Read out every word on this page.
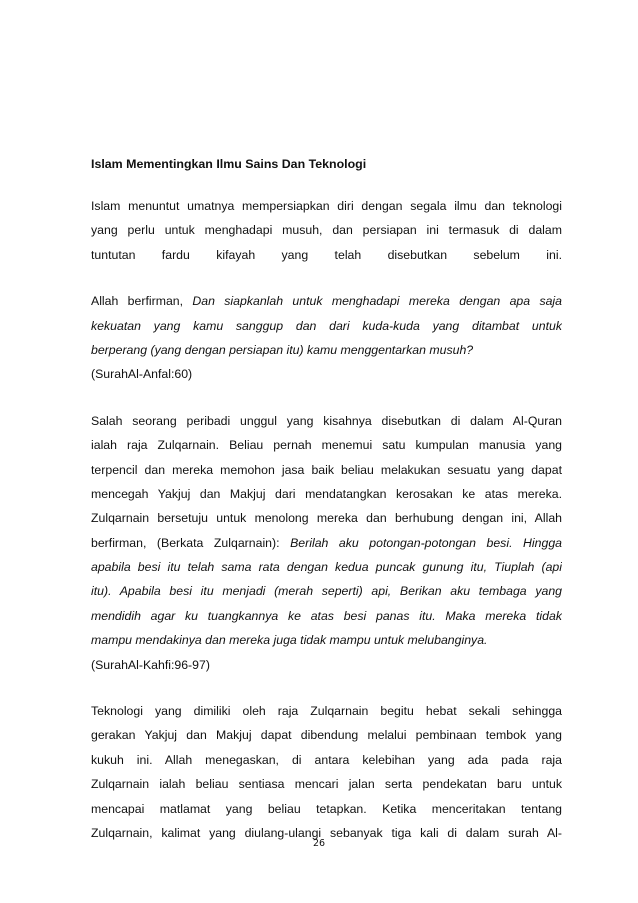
Islam Mementingkan Ilmu Sains Dan Teknologi
Islam menuntut umatnya mempersiapkan diri dengan segala ilmu dan teknologi
yang perlu untuk menghadapi musuh, dan persiapan ini termasuk di dalam
tuntutan fardu kifayah yang telah disebutkan sebelum ini.
Allah berfirman, Dan siapkanlah untuk menghadapi mereka dengan apa saja
kekuatan yang kamu sanggup dan dari kuda-kuda yang ditambat untuk
berperang (yang dengan persiapan itu) kamu menggentarkan musuh?
(SurahAl-Anfal:60)
Salah seorang peribadi unggul yang kisahnya disebutkan di dalam Al-Quran
ialah raja Zulqarnain. Beliau pernah menemui satu kumpulan manusia yang
terpencil dan mereka memohon jasa baik beliau melakukan sesuatu yang dapat
mencegah Yakjuj dan Makjuj dari mendatangkan kerosakan ke atas mereka.
Zulqarnain bersetuju untuk menolong mereka dan berhubung dengan ini, Allah
berfirman, (Berkata Zulqarnain): Berilah aku potongan-potongan besi. Hingga
apabila besi itu telah sama rata dengan kedua puncak gunung itu, Tiuplah (api
itu). Apabila besi itu menjadi (merah seperti) api, Berikan aku tembaga yang
mendidih agar ku tuangkannya ke atas besi panas itu. Maka mereka tidak
mampu mendakinya dan mereka juga tidak mampu untuk melubanginya.
(SurahAl-Kahfi:96-97)
Teknologi yang dimiliki oleh raja Zulqarnain begitu hebat sekali sehingga
gerakan Yakjuj dan Makjuj dapat dibendung melalui pembinaan tembok yang
kukuh ini. Allah menegaskan, di antara kelebihan yang ada pada raja
Zulqarnain ialah beliau sentiasa mencari jalan serta pendekatan baru untuk
mencapai matlamat yang beliau tetapkan. Ketika menceritakan tentang
Zulqarnain, kalimat yang diulang-ulangi sebanyak tiga kali di dalam surah Al-
26
